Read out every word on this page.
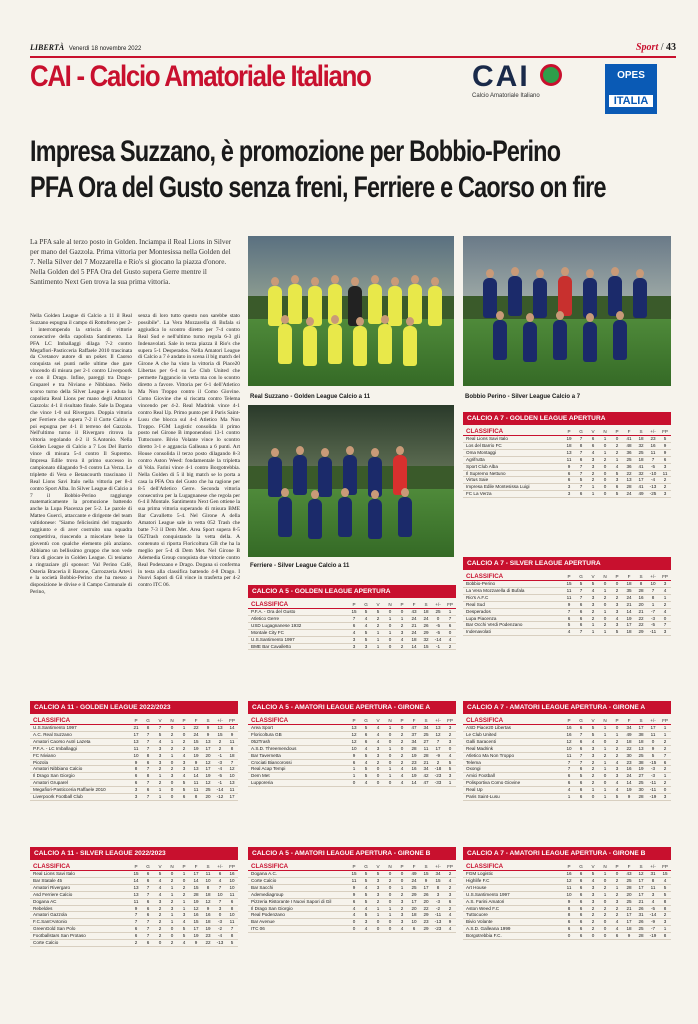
LIBERTÀ Venerdì 18 novembre 2022	Sport / 43
CAI - Calcio Amatoriale Italiano	CAI
Calcio Amatoriale Italiano
OPES
ITALIA
Impresa Suzzano, è promozione per Bobbio-Perino
PFA Ora del Gusto senza freni, Ferriere e Caorso on fire
La PFA sale al terzo posto in Golden. Inciampa il Real Lions in Silver per mano del Gazzola. Prima vittoria per Montesissa nella Golden del 7. Nella Silver del 7 Mozzarella e Rio's si giocano la piazza d'onore. Nella Golden del 5 PFA Ora del Gusto supera Gerre mentre il Santimento Next Gen trova la sua prima vittoria.
Nella Golden League di Calcio a 11 il Real Suzzano espugna il campo di Rottofreno per 2-1 interrompendo la striscia di vittorie consecutive della capolista Santimento. La PFA LC Imballaggi dilaga 7-2 contro Megaflori-Pasticceria Raffaele 2010 trascinata da Cvetanov autore di un poker. Il Caorso conquista sei punti nelle ultime due gare vincendo di misura per 2-1 contro Liverpoork e con il Drago. Infine, pareggi tra Drago-Gruparel e tra Niviano e Nibbiano. Nello scorso turno della Silver League è caduta la capolista Real Lions per mano degli Amatori Gazzola: 4-1 il risultato finale. Sale la Dogana che vince 1-0 sul Rivergaro. Doppia vittoria per Ferriere che supera 7-2 il Corte Calcio e poi espugna per 4-1 il terreno del Gazzola. Nell'ultimo turno il Rivergaro ritrova la vittoria regolando 4-2 il S.Antonio. Nella Golden League di Calcio a 7 Los Del Barrio vince di misura 5-4 contro Il Supremo. Impresa Edile trova il primo successo in campionato dilagando 9-4 contro La Verza. Le triplette di Vera e Betancourth trascinano il Real Lions Savi Italo nella vittoria per 8-4 contro Sport Alba. In Silver League di Calcio a 7 il Bobbio-Perino raggiunge matematicamente la promozione battendo anche la Lupa Piacenza per 5-2. Le parole di Matteo Guerci, attaccante e dirigente del team valtidonese: "Siamo felicissimi del traguardo raggiunto e di aver costruito una squadra competitiva, riuscendo a miscelare bene la gioventù con qualche elemento più anziano. Abbiamo un bellissimo gruppo che non vede l'ora di giocare in Golden League. Ci teniamo a ringraziare gli sponsor: Val Perino Café, Osteria Braceria il Barone, Carrozzeria Artevi e la società Bobbio-Perino che ha messo a disposizione le divise e il Campo Comunale di Perino,
senza di loro tutto questo non sarebbe stato possibile". La Vera Mozzarella di Bufala si aggiudica lo scontro diretto per 7-4 contro Real Sud e nell'ultimo turno regola 6-3 gli Indenavolati. Sale in terza piazza il Rio's che supera 5-1 Desperados. Nella Amatori League di Calcio a 7 è andato in scena il big match del Girone A che ha visto la vittoria di Piace20 Libertas per 6-4 su Le Club United che permette l'aggancio in vetta ma con lo scontro diretto a favore. Vittoria per 6-1 dell'Atletico Ma Non Troppo contro il Como Giovine. Como Giovine che si riscatta contro Telema vincendo per 4-2. Real Madrink vince 4-1 contro Real Up. Primo punto per il Paris Saint-Lusu che blocca sul 4-4 Atletico Ma Non Troppo. FGM Logistic consolida il primo posto nel Girone B imponendosi 13-1 contro Tuttocuore. Bivio Volante vince lo scontro diretto 3-1 e aggancia Galleana a 6 punti. Art House consolida il terzo posto dilagando 8-3 contro Aston Weed: fondamentale la tripletta di Vola. Farini vince 4-1 contro Borgotrebbia. Nella Golden di 5 il big match se lo porta a casa la PFA Ora del Gusto che ha ragione per 8-5 dell'Atletico Gerre. Seconda vittoria consecutiva per la Lugagnanese che regola per 6-4 il Montale. Santimento Next Gen ottiene la sua prima vittoria superando di misura BME Bar Cavalletto 5-4. Nel Girone A della Amatori League sale in vetta 052 Trash che batte 7-3 il Dem Met. Area Sport supera 8-5 052Trash conquistando la vetta della. A contenuto si riporta Floricoltura GB che ha la meglio per 5-4 di Dem Met. Nel Girone B Ademedia Group conquista due vittorie contro Real Podenzano e Drago. Dogana si conferma in testa alla classifica battendo 4-8 Drago. I Nuovi Sapori di Gil vince in trasferta per 4-2 contro ITC 06.
Real Suzzano - Golden League Calcio a 11	Bobbio Perino - Silver League Calcio a 7
Ferriere - Silver League Calcio a 11
CALCIO A 7 - GOLDEN LEAGUE APERTURA
CLASSIFICA	P	G	V	N	P	F	S	+/-	FP
Real Lions Savi Italo	19	7	6	1	0	41	18	23	5
Los del Barrio FC	18	8	6	0	2	48	32	16	9
Oma Montaggi	13	7	4	1	2	36	25	11	9
Agrifrutta	11	6	3	2	1	25	18	7	6
Sport Club Alba	9	7	3	0	4	36	41	-5	3
Il Supremo Nettuno	6	7	2	0	5	22	32	-10	11
Virtus Saie	6	5	2	0	3	13	17	-4	2
Impresa Edile Montesissa Luigi	3	7	1	0	6	28	41	-13	2
FC La Verza	3	6	1	0	5	24	49	-25	3
CALCIO A 7 - SILVER LEAGUE APERTURA
CLASSIFICA	P	G	V	N	P	F	S	+/-	FP
Bobbio-Perino	15	5	5	0	0	18	8	10	3
La Vera Mozzarella di Bufala	11	7	4	1	2	35	28	7	4
Rio's A.F.C	11	7	3	2	2	24	16	8	1
Real Sud	9	6	3	0	3	21	20	1	2
Desperados	7	6	2	1	3	14	21	-7	4
Lupa Piacenza	6	6	2	0	4	19	22	-3	0
Bar Occhi Verdi Podenzano	5	6	1	2	3	17	22	-5	7
Indenavolati	4	7	1	1	5	18	29	-11	3
CALCIO A 5 - GOLDEN LEAGUE APERTURA
CLASSIFICA	P	G	V	N	P	F	S	+/-	FP
P.F.A. - Ora del Gusto	15	5	5	0	0	43	18	25	1
Atletico Gerre	7	4	2	1	1	24	24	0	7
USD Lugagnanese 1932	6	4	2	0	2	21	26	-5	6
Montale City FC	4	5	1	1	3	24	29	-5	0
U.S.Santimento 1997	3	5	1	0	4	18	32	-14	4
BME Bar Cavalletto	3	3	1	0	2	14	15	-1	2
CALCIO A 11 - GOLDEN LEAGUE 2022/2023
CLASSIFICA	P	G	V	N	P	F	S	+/-	FP
U.S.Santimento 1997	21	8	7	0	1	22	9	13	14
A.C. Real Suzzano	17	7	5	2	0	24	9	15	9
Amatori Caorso Autri Lazeta	13	7	4	1	2	15	13	2	11
P.F.A. - LC Imballaggi	11	7	3	2	2	19	17	2	8
FC Niviano	10	8	3	1	4	19	20	-1	18
Piozola	9	6	3	0	3	9	12	-3	7
Amatori Nibbiano Calcio	8	7	2	2	3	13	17	-4	12
Il Drago San Giorgio	6	8	1	3	4	14	19	-5	10
Amatori Gruparel	6	7	2	0	5	11	12	-1	13
Megafiori-Pasticceria Raffaele 2010	3	6	1	0	5	11	25	-14	11
Liverpoork Football Club	3	7	1	0	6	8	20	-12	17
CALCIO A 5 - AMATORI LEAGUE APERTURA - GIRONE A
CLASSIFICA	P	G	V	N	P	F	S	+/-	FP
Area Sport	13	5	4	1	0	47	34	13	3
Floricoltura GB	12	6	4	0	2	37	25	12	2
052Trash	12	6	4	0	2	34	27	7	3
A.S.D. Threemendous	10	4	3	1	0	28	11	17	0
Bar Tavernetta	9	5	3	0	2	19	28	-9	4
Crociati Biancorossi	6	4	2	0	2	23	21	2	5
Real Acap Tempi	1	5	0	1	4	16	34	-18	5
Dem Met	1	5	0	1	4	19	42	-23	3
Lupporeria	0	4	0	0	4	14	47	-33	1
CALCIO A 7 - AMATORI LEAGUE APERTURA - GIRONE A
CLASSIFICA	P	G	V	N	P	F	S	+/-	FP
ASD Piace20 Libertas	16	6	5	1	0	34	17	17	1
Le Club United	16	7	5	1	1	49	38	11	1
Galli Saracenti	12	6	4	0	2	18	18	0	2
Real Madrink	10	6	3	1	2	22	13	9	2
Atletico Ma Non Troppo	11	7	3	2	2	30	25	5	7
Telema	7	7	2	1	4	23	38	-15	6
Oxongi	7	6	2	1	3	16	19	-3	2
Amici Football	6	5	2	0	3	24	27	-3	1
Polisportiva Como Giovine	6	6	2	0	4	14	25	-11	2
Real Up	4	6	1	1	4	19	30	-11	0
Paris Saint-Lusu	1	6	0	1	5	9	28	-19	3
CALCIO A 11 - SILVER LEAGUE 2022/2023
CLASSIFICA	P	G	V	N	P	F	S	+/-	FP
Real Lions Savi Italo	15	6	5	0	1	17	11	6	16
Bar Statale 45	14	6	4	2	0	14	10	4	10
Amatori Rivergaro	13	7	4	1	2	15	8	7	10
Asd Ferriere Calcio	13	7	4	1	2	28	18	10	11
Dogana AC	11	6	3	2	1	19	12	7	6
Rebeldes	9	6	2	3	1	12	9	3	8
Amatori Gazzola	7	6	2	1	3	16	16	0	10
F.C.Sant'Antonio	7	7	2	1	4	15	18	-3	11
GreenGold San Polo	6	7	2	0	5	17	19	-2	7
Footballstars San Protaso	6	7	2	0	5	19	23	-4	8
Corte Calcio	2	6	0	2	4	9	22	-13	5
CALCIO A 5 - AMATORI LEAGUE APERTURA - GIRONE B
CLASSIFICA	P	G	V	N	P	F	S	+/-	FP
Dogana A.C.	15	5	5	0	0	49	15	34	2
Corte Calcio	11	5	3	2	0	24	9	15	4
Bar Sacchi	9	4	3	0	1	25	17	8	2
Ademediagroup	9	5	3	0	2	29	26	3	3
Pizzeria Ristorante I Nuovi Sapori di Gil	6	5	2	0	3	17	20	-3	6
Il Drago San Giorgio	4	4	1	1	2	20	22	-2	2
Real Podenzano	4	5	1	1	3	18	29	-11	4
Bar Avenue	0	3	0	0	3	10	23	-13	9
ITC 06	0	4	0	0	4	6	29	-23	4
CALCIO A 7 - AMATORI LEAGUE APERTURA - GIRONE B
CLASSIFICA	P	G	V	N	P	F	S	+/-	FP
FGM Logistic	16	6	5	1	0	43	12	31	15
Highlife F.C	12	6	4	0	2	25	17	8	4
Art House	11	6	3	2	1	28	17	11	5
U.S.Santimento 1997	10	6	3	1	2	20	17	3	5
A.S. Farini Amatori	9	6	3	0	3	25	21	4	8
Aston Weed F.C	8	6	2	2	2	21	26	-5	8
Tuttocuore	8	6	2	2	2	17	31	-14	2
Bivio Volante	6	6	2	0	4	17	26	-9	3
A.S.D. Galleana 1999	6	6	2	0	4	18	25	-7	1
Borgotrebbia F.C.	0	6	0	0	6	9	28	-19	8
